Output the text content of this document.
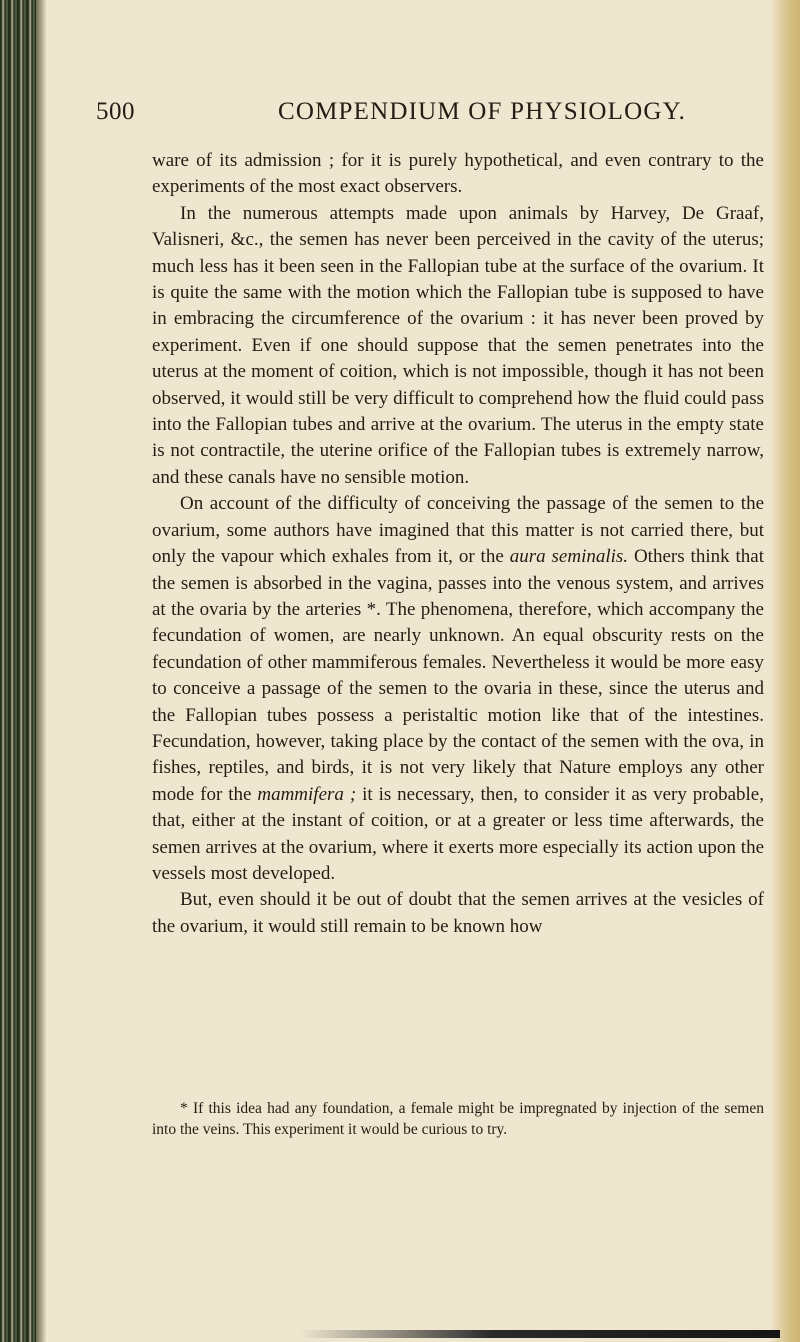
500	COMPENDIUM OF PHYSIOLOGY.

ware of its admission ; for it is purely hypothetical, and even contrary to the experiments of the most exact observers.

In the numerous attempts made upon animals by Harvey, De Graaf, Valisneri, &c., the semen has never been perceived in the cavity of the uterus; much less has it been seen in the Fallopian tube at the surface of the ovarium. It is quite the same with the motion which the Fallopian tube is supposed to have in embracing the circumference of the ovarium : it has never been proved by experiment. Even if one should suppose that the semen penetrates into the uterus at the moment of coition, which is not impossible, though it has not been observed, it would still be very difficult to comprehend how the fluid could pass into the Fallopian tubes and arrive at the ovarium. The uterus in the empty state is not contractile, the uterine orifice of the Fallopian tubes is extremely narrow, and these canals have no sensible motion.

On account of the difficulty of conceiving the passage of the semen to the ovarium, some authors have imagined that this matter is not carried there, but only the vapour which exhales from it, or the aura seminalis. Others think that the semen is absorbed in the vagina, passes into the venous system, and arrives at the ovaria by the arteries *. The phenomena, therefore, which accompany the fecundation of women, are nearly unknown. An equal obscurity rests on the fecundation of other mammiferous females. Nevertheless it would be more easy to conceive a passage of the semen to the ovaria in these, since the uterus and the Fallopian tubes possess a peristaltic motion like that of the intestines. Fecundation, however, taking place by the contact of the semen with the ova, in fishes, reptiles, and birds, it is not very likely that Nature employs any other mode for the mammifera ; it is necessary, then, to consider it as very probable, that, either at the instant of coition, or at a greater or less time afterwards, the semen arrives at the ovarium, where it exerts more especially its action upon the vessels most developed.

But, even should it be out of doubt that the semen arrives at the vesicles of the ovarium, it would still remain to be known how

* If this idea had any foundation, a female might be impregnated by injection of the semen into the veins. This experiment it would be curious to try.
